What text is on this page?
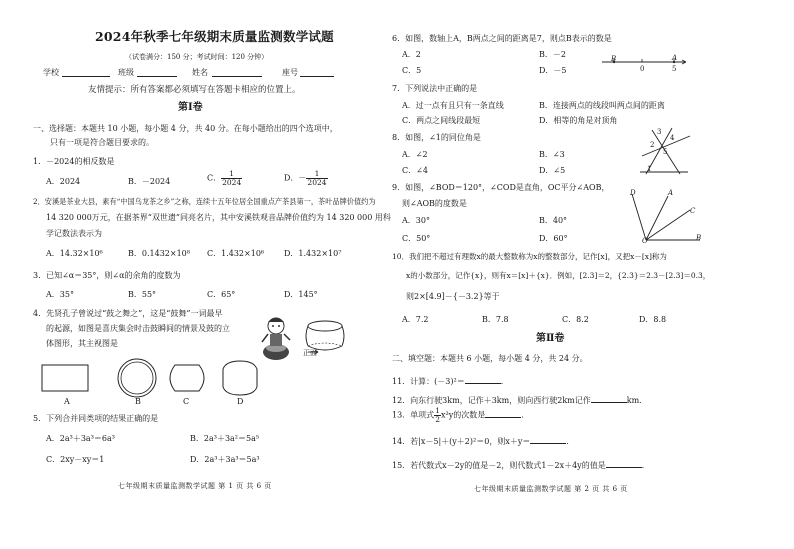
2024年秋季七年级期末质量监测数学试题
（试卷满分：150 分；考试时间：120 分钟）
学校	班级	姓名	座号
友情提示：所有答案都必须填写在答题卡相应的位置上。
第Ⅰ卷
一、选择题：本题共 10 小题，每小题 4 分，共 40 分。在每小题给出的四个选项中，
只有一项是符合题目要求的。
1．－2024的相反数是
A．2024	B．－2024	C． $\frac{1}{2024}$	D．－ $\frac{1}{2024}$
2．安溪是茶业大县，素有“中国乌龙茶之乡”之称，连续十五年位居全国重点产茶县第一，茶叶品牌价值约为
14 320 000万元，在据茶界“双世遗”同亮名片，其中安溪铁观音品牌价值约为 14 320 000 用科
学记数法表示为
A．14.32×10⁶	B．0.1432×10⁸ C．1.432×10⁶ D．1.432×10⁷
3．已知∠α＝35°，则∠α的余角的度数为
A．35°	B．55°	C．65°	D．145°
4．先贤孔子曾说过“鼓之舞之”，这是“鼓舞”一词最早
的起源，如图是喜庆集会时击鼓瞬间的情景及鼓的立
体图形，其主视图是
正面
A	B	C	D
5．下列合并同类项的结果正确的是
A．2a³＋3a³＝6a³	B．2a³＋3a²＝5a⁵
C．2xy－xy＝1	D．2a³＋3a³＝5a³
七年级期末质量监测数学试题 第 1 页 共 6 页
6．如图，数轴上A，B两点之间的距离是7，则点B表示的数是
A．2	B．－2
C．5	D．－5
B	A
0	5
7．下列说法中正确的是
A．过一点有且只有一条直线	B．连接两点的线段叫两点间的距离
C．两点之间线段最短	D．相等的角是对顶角
8．如图，∠1的同位角是
A．∠2	B．∠3
C．∠4	D．∠5
3
4
2
5
1
9．如图，∠BOD＝120°，∠COD是直角，OC平分∠AOB，
则∠AOB的度数是
A．30°	B．40°
C．50°	D．60°
D	A
C
B
O
10．我们把不超过有理数x的最大整数称为x的整数部分，记作[x]，又把x－[x]称为
x的小数部分，记作{x}，则有x＝[x]＋{x}．例如，[2.3]＝2，{2.3}＝2.3－[2.3]＝0.3，
则2×[4.9]－{－3.2}等于
A．7.2	B．7.8	C．8.2	D．8.8
第Ⅱ卷
二、填空题：本题共 6 小题，每小题 4 分，共 24 分。
11．计算：(－3)²＝	．
12．向东行驶3km，记作＋3km，则向西行驶2km记作	km．
13．单项式 $\frac{1}{2} x^2y$的次数是	．
14．若|x－5|＋(y＋2)²＝0，则x＋y＝	．
15．若代数式x－2y的值是－2，则代数式1－2x＋4y的值是	．
七年级期末质量监测数学试题 第 2 页 共 6 页
